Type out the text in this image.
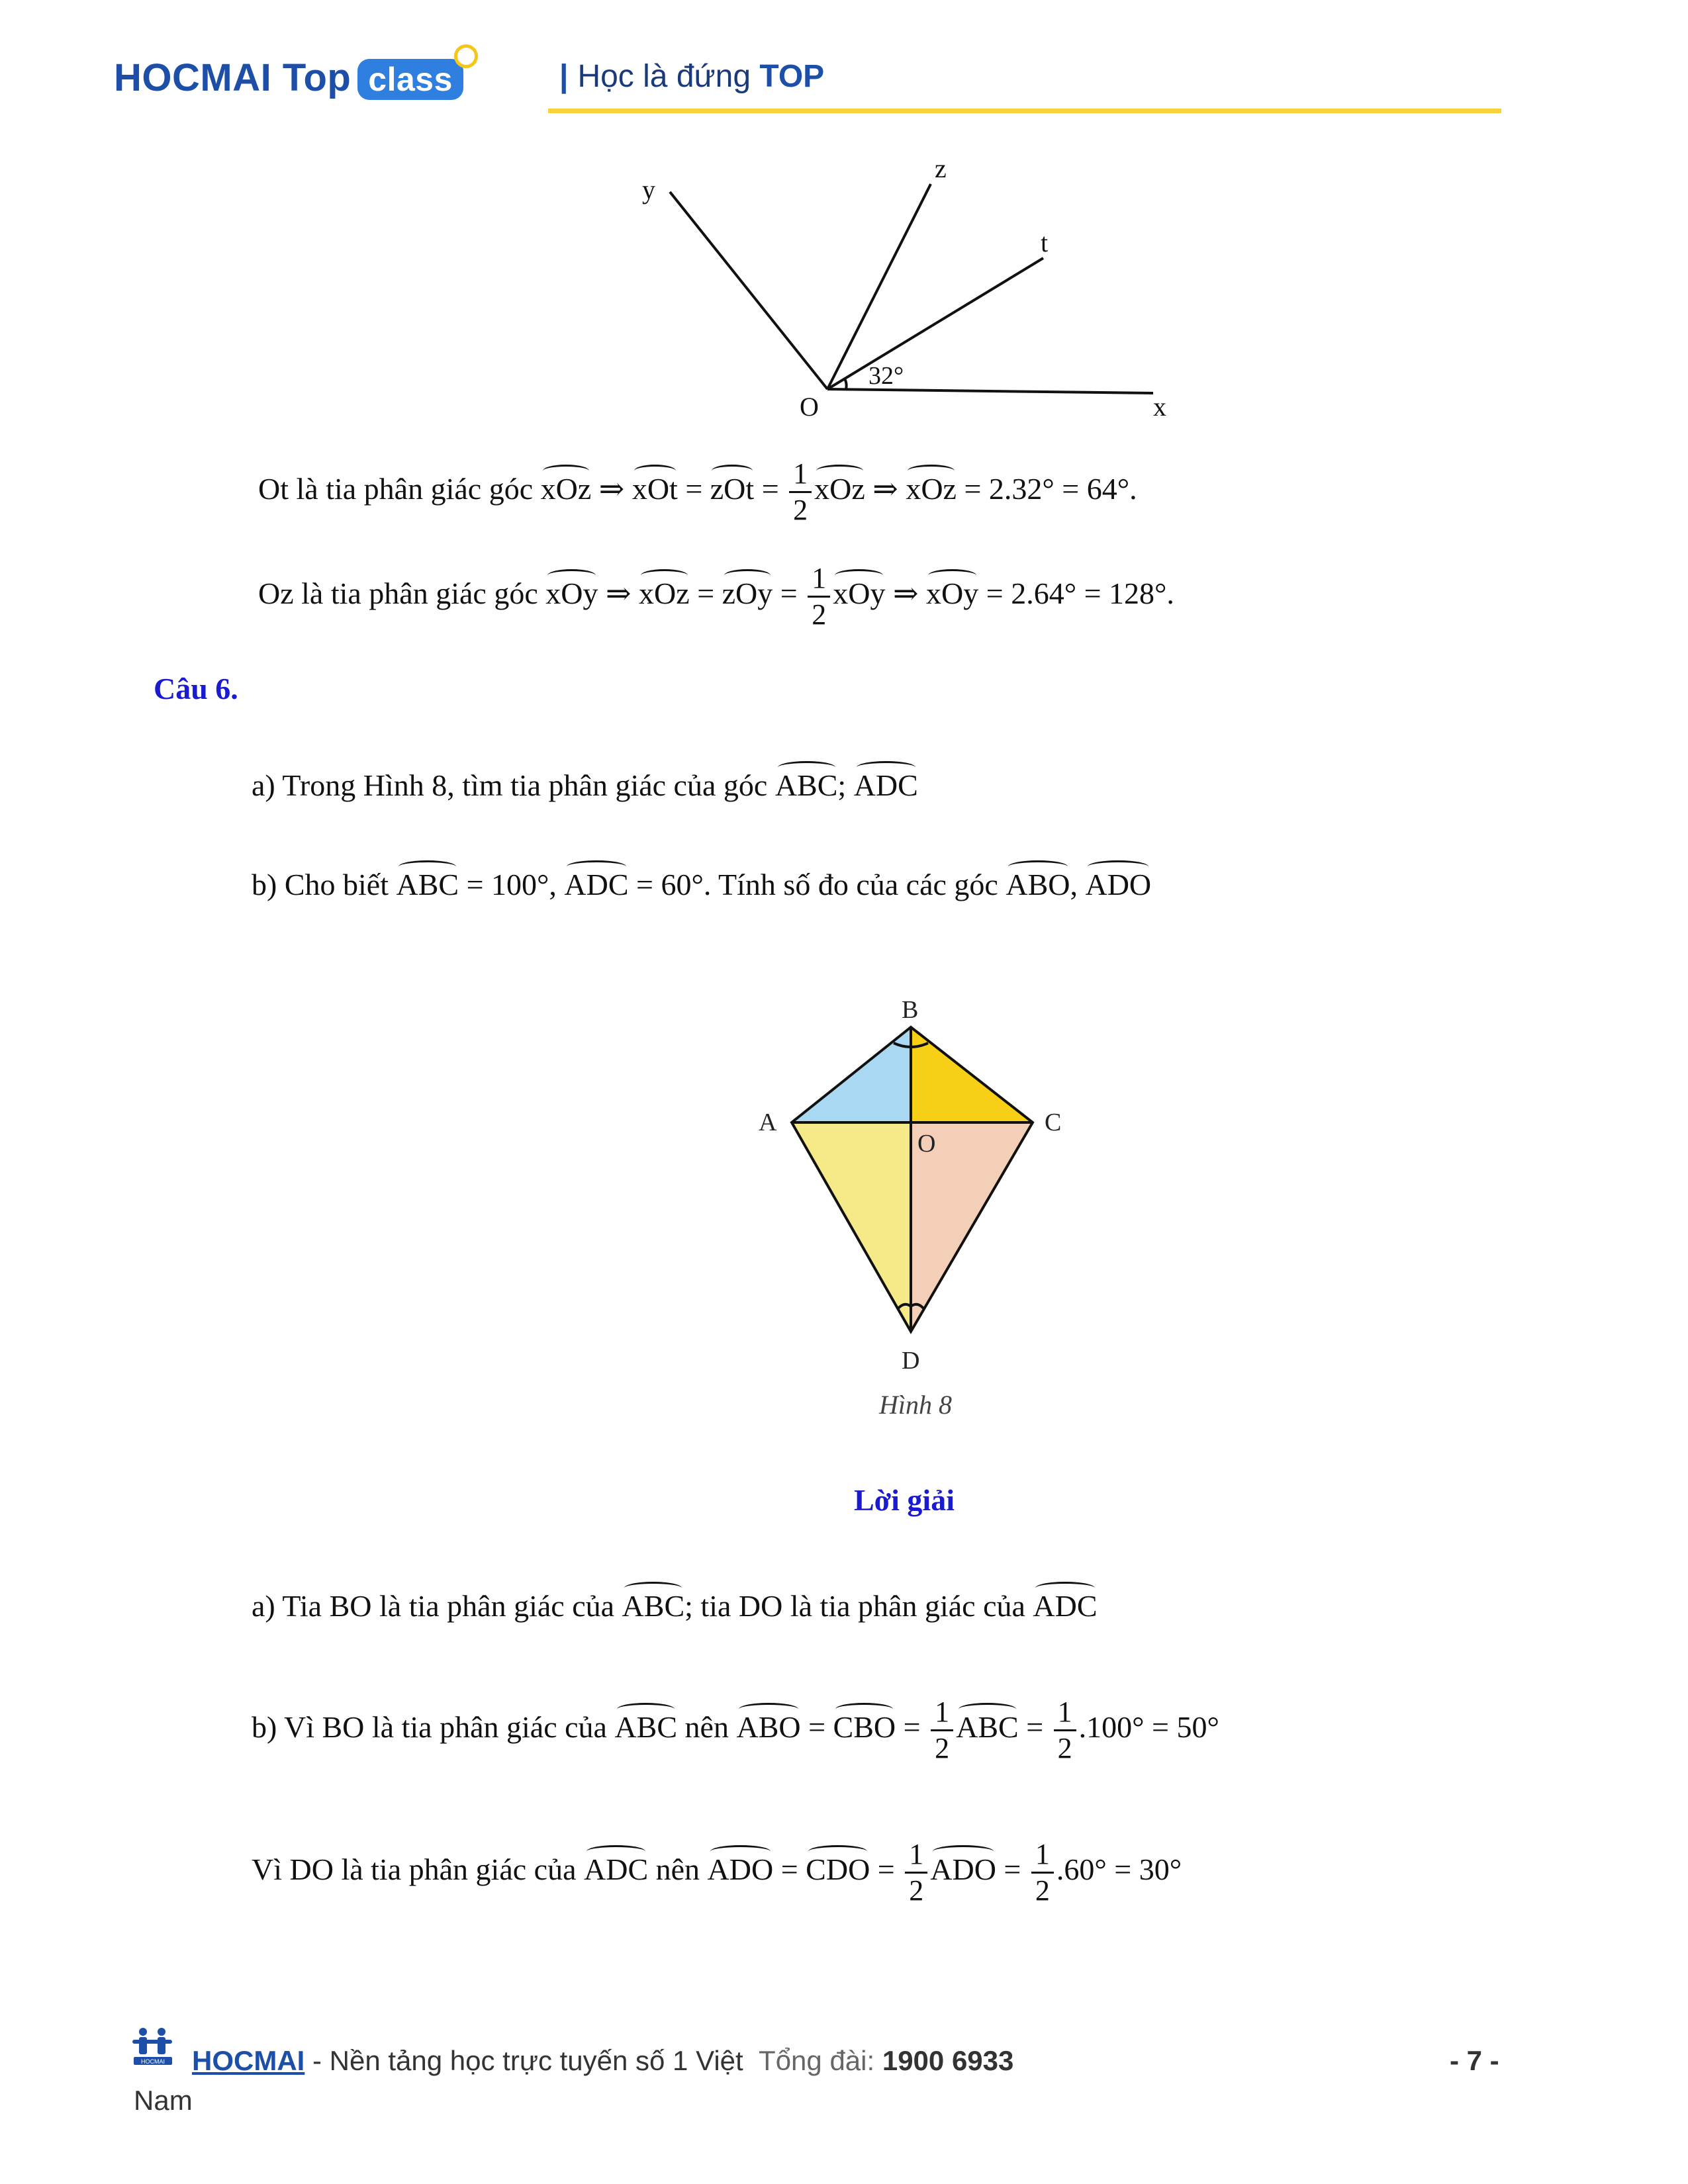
HOCMAI Top class	| Học là đứng TOP
y
z
t
O	x
32°
Ot là tia phân giác góc xOz ⇒ xOt = zOt = $\frac{1}{2}$ xOz ⇒ xOz = 2.32° = 64°.
Oz là tia phân giác góc xOy ⇒ xOz = zOy = $\frac{1}{2}$ xOy ⇒ xOy = 2.64° = 128°.
Câu 6.
a) Trong Hình 8, tìm tia phân giác của góc ABC; ADC
b) Cho biết ABC = 100°, ADC = 60°. Tính số đo của các góc ABO, ADO
B
A	C
O
D
Hình 8
Lời giải
a) Tia BO là tia phân giác của ABC; tia DO là tia phân giác của ADC
b) Vì BO là tia phân giác của ABC nên ABO = CBO = $\frac{1}{2}$ ABC = $\frac{1}{2} .100^\circ = 50^\circ$
Vì DO là tia phân giác của ADC nên ADO = CDO = $\frac{1}{2}$ ADO = $\frac{1}{2} .60^\circ = 30^\circ$
HOCMAI HOCMAI - Nền tảng học trực tuyến số 1 Việt Tổng đài: 1900 6933	- 7 -
Nam
